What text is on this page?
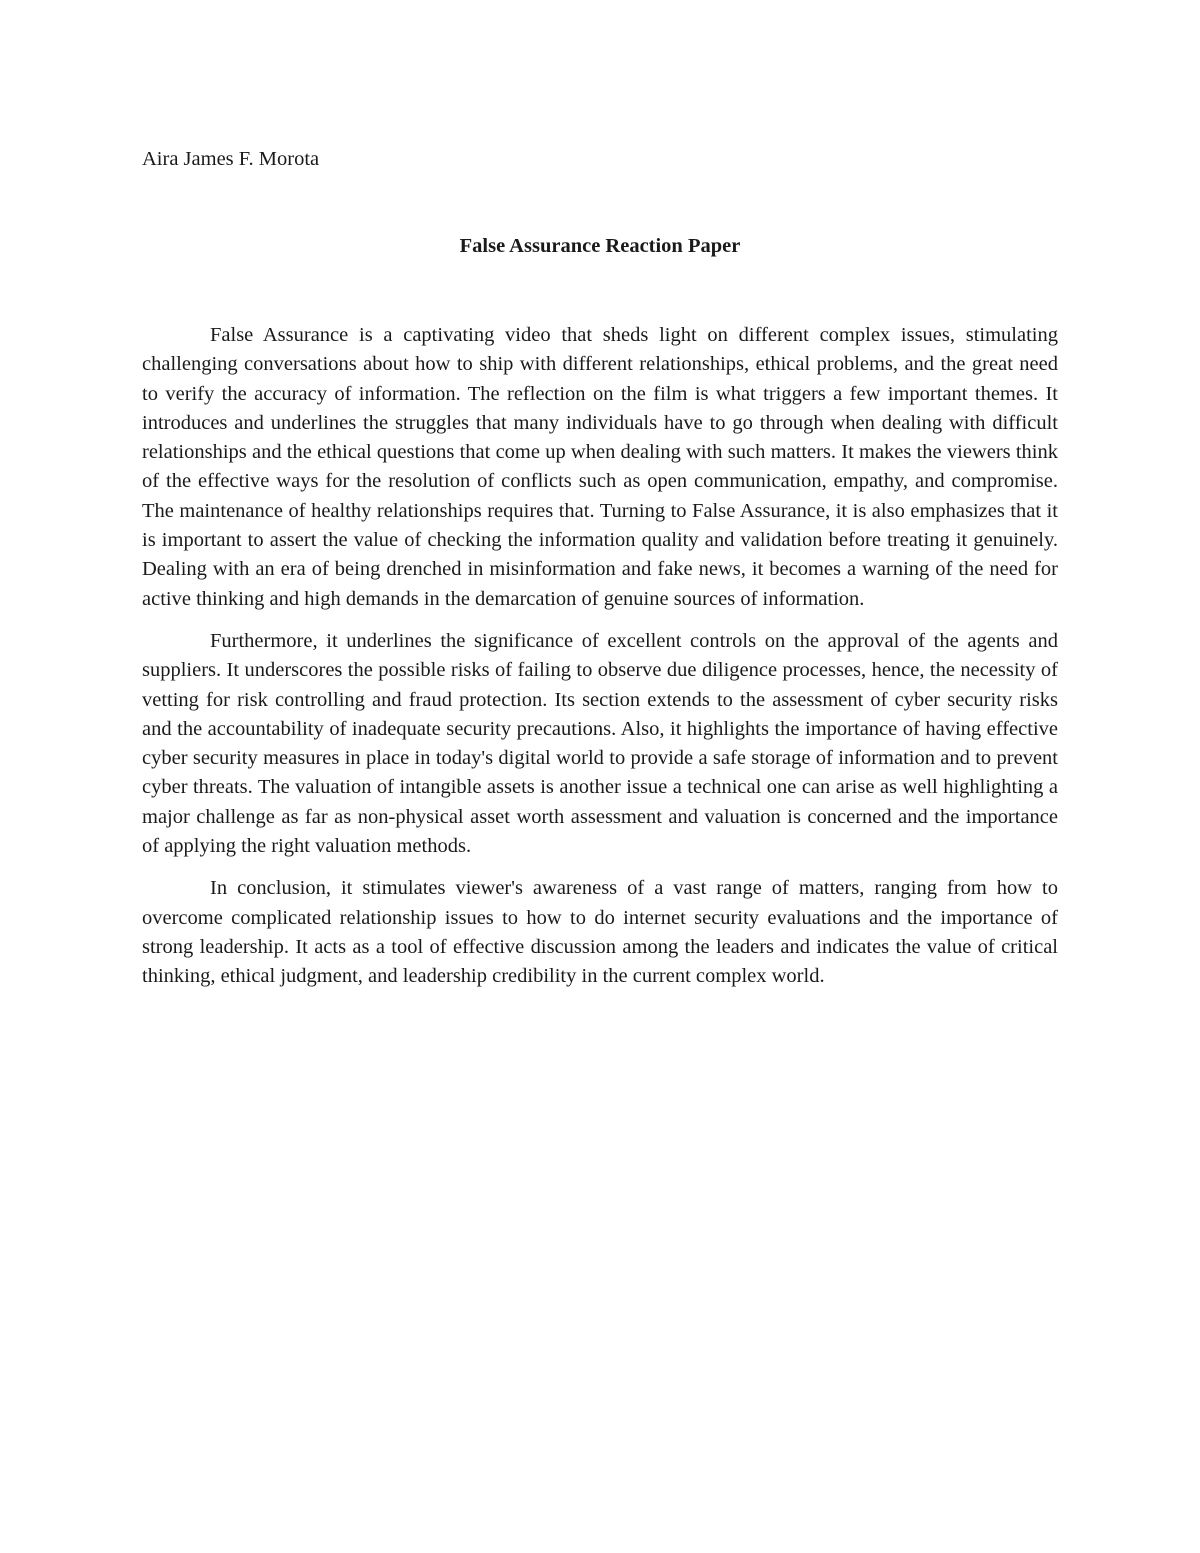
Aira James F. Morota

False Assurance Reaction Paper

False Assurance is a captivating video that sheds light on different complex issues, stimulating challenging conversations about how to ship with different relationships, ethical problems, and the great need to verify the accuracy of information. The reflection on the film is what triggers a few important themes. It introduces and underlines the struggles that many individuals have to go through when dealing with difficult relationships and the ethical questions that come up when dealing with such matters. It makes the viewers think of the effective ways for the resolution of conflicts such as open communication, empathy, and compromise. The maintenance of healthy relationships requires that. Turning to False Assurance, it is also emphasizes that it is important to assert the value of checking the information quality and validation before treating it genuinely. Dealing with an era of being drenched in misinformation and fake news, it becomes a warning of the need for active thinking and high demands in the demarcation of genuine sources of information.

Furthermore, it underlines the significance of excellent controls on the approval of the agents and suppliers. It underscores the possible risks of failing to observe due diligence processes, hence, the necessity of vetting for risk controlling and fraud protection. Its section extends to the assessment of cyber security risks and the accountability of inadequate security precautions. Also, it highlights the importance of having effective cyber security measures in place in today's digital world to provide a safe storage of information and to prevent cyber threats. The valuation of intangible assets is another issue a technical one can arise as well highlighting a major challenge as far as non-physical asset worth assessment and valuation is concerned and the importance of applying the right valuation methods.

In conclusion, it stimulates viewer's awareness of a vast range of matters, ranging from how to overcome complicated relationship issues to how to do internet security evaluations and the importance of strong leadership. It acts as a tool of effective discussion among the leaders and indicates the value of critical thinking, ethical judgment, and leadership credibility in the current complex world.
